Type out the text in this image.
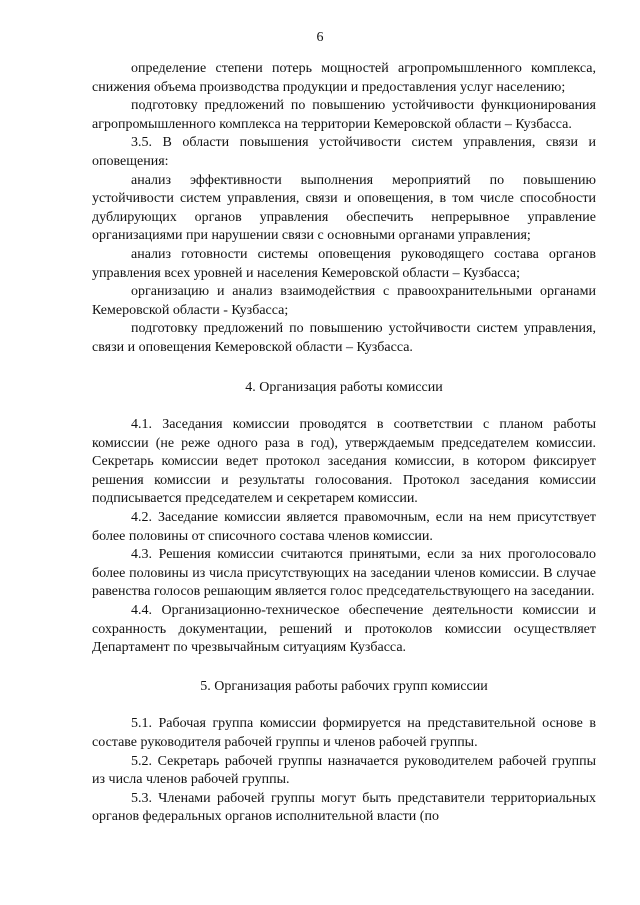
6

определение степени потерь мощностей агропромышленного комплекса, снижения объема производства продукции и предоставления услуг населению;

подготовку предложений по повышению устойчивости функционирования агропромышленного комплекса на территории Кемеровской области – Кузбасса.

3.5. В области повышения устойчивости систем управления, связи и оповещения:

анализ эффективности выполнения мероприятий по повышению устойчивости систем управления, связи и оповещения, в том числе способности дублирующих органов управления обеспечить непрерывное управление организациями при нарушении связи с основными органами управления;

анализ готовности системы оповещения руководящего состава органов управления всех уровней и населения Кемеровской области – Кузбасса;

организацию и анализ взаимодействия с правоохранительными органами Кемеровской области - Кузбасса;

подготовку предложений по повышению устойчивости систем управления, связи и оповещения Кемеровской области – Кузбасса.

4. Организация работы комиссии

4.1. Заседания комиссии проводятся в соответствии с планом работы комиссии (не реже одного раза в год), утверждаемым председателем комиссии. Секретарь комиссии ведет протокол заседания комиссии, в котором фиксирует решения комиссии и результаты голосования. Протокол заседания комиссии подписывается председателем и секретарем комиссии.

4.2. Заседание комиссии является правомочным, если на нем присутствует более половины от списочного состава членов комиссии.

4.3. Решения комиссии считаются принятыми, если за них проголосовало более половины из числа присутствующих на заседании членов комиссии. В случае равенства голосов решающим является голос председательствующего на заседании.

4.4. Организационно-техническое обеспечение деятельности комиссии и сохранность документации, решений и протоколов комиссии осуществляет Департамент по чрезвычайным ситуациям Кузбасса.

5. Организация работы рабочих групп комиссии

5.1. Рабочая группа комиссии формируется на представительной основе в составе руководителя рабочей группы и членов рабочей группы.

5.2. Секретарь рабочей группы назначается руководителем рабочей группы из числа членов рабочей группы.

5.3. Членами рабочей группы могут быть представители территориальных органов федеральных органов исполнительной власти (по
